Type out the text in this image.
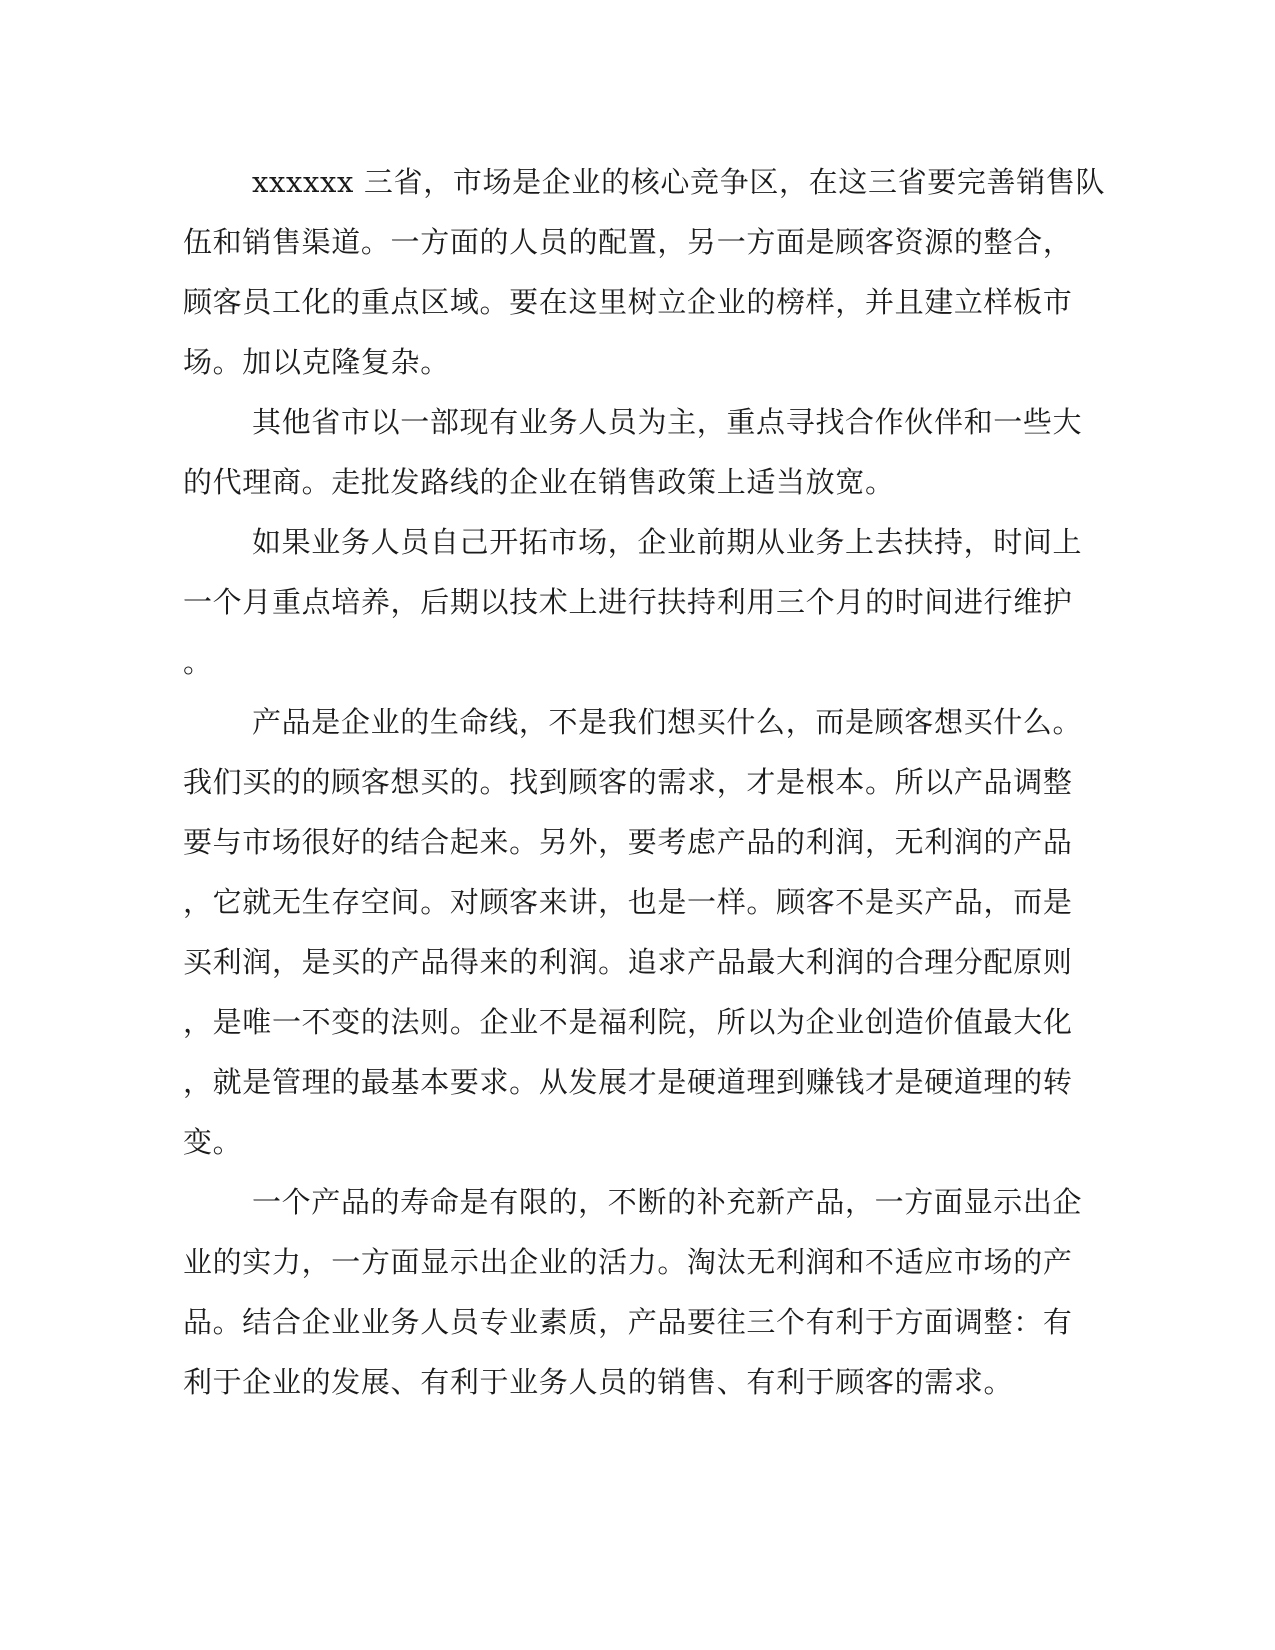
xxxxxx 三省，市场是企业的核心竞争区，在这三省要完善销售队
伍和销售渠道。一方面的人员的配置，另一方面是顾客资源的整合，
顾客员工化的重点区域。要在这里树立企业的榜样，并且建立样板市
场。加以克隆复杂。
其他省市以一部现有业务人员为主，重点寻找合作伙伴和一些大
的代理商。走批发路线的企业在销售政策上适当放宽。
如果业务人员自己开拓市场，企业前期从业务上去扶持，时间上
一个月重点培养，后期以技术上进行扶持利用三个月的时间进行维护
。
产品是企业的生命线，不是我们想买什么，而是顾客想买什么。
我们买的的顾客想买的。找到顾客的需求，才是根本。所以产品调整
要与市场很好的结合起来。另外，要考虑产品的利润，无利润的产品
，它就无生存空间。对顾客来讲，也是一样。顾客不是买产品，而是
买利润，是买的产品得来的利润。追求产品最大利润的合理分配原则
，是唯一不变的法则。企业不是福利院，所以为企业创造价值最大化
，就是管理的最基本要求。从发展才是硬道理到赚钱才是硬道理的转
变。
一个产品的寿命是有限的，不断的补充新产品，一方面显示出企
业的实力，一方面显示出企业的活力。淘汰无利润和不适应市场的产
品。结合企业业务人员专业素质，产品要往三个有利于方面调整：有
利于企业的发展、有利于业务人员的销售、有利于顾客的需求。
